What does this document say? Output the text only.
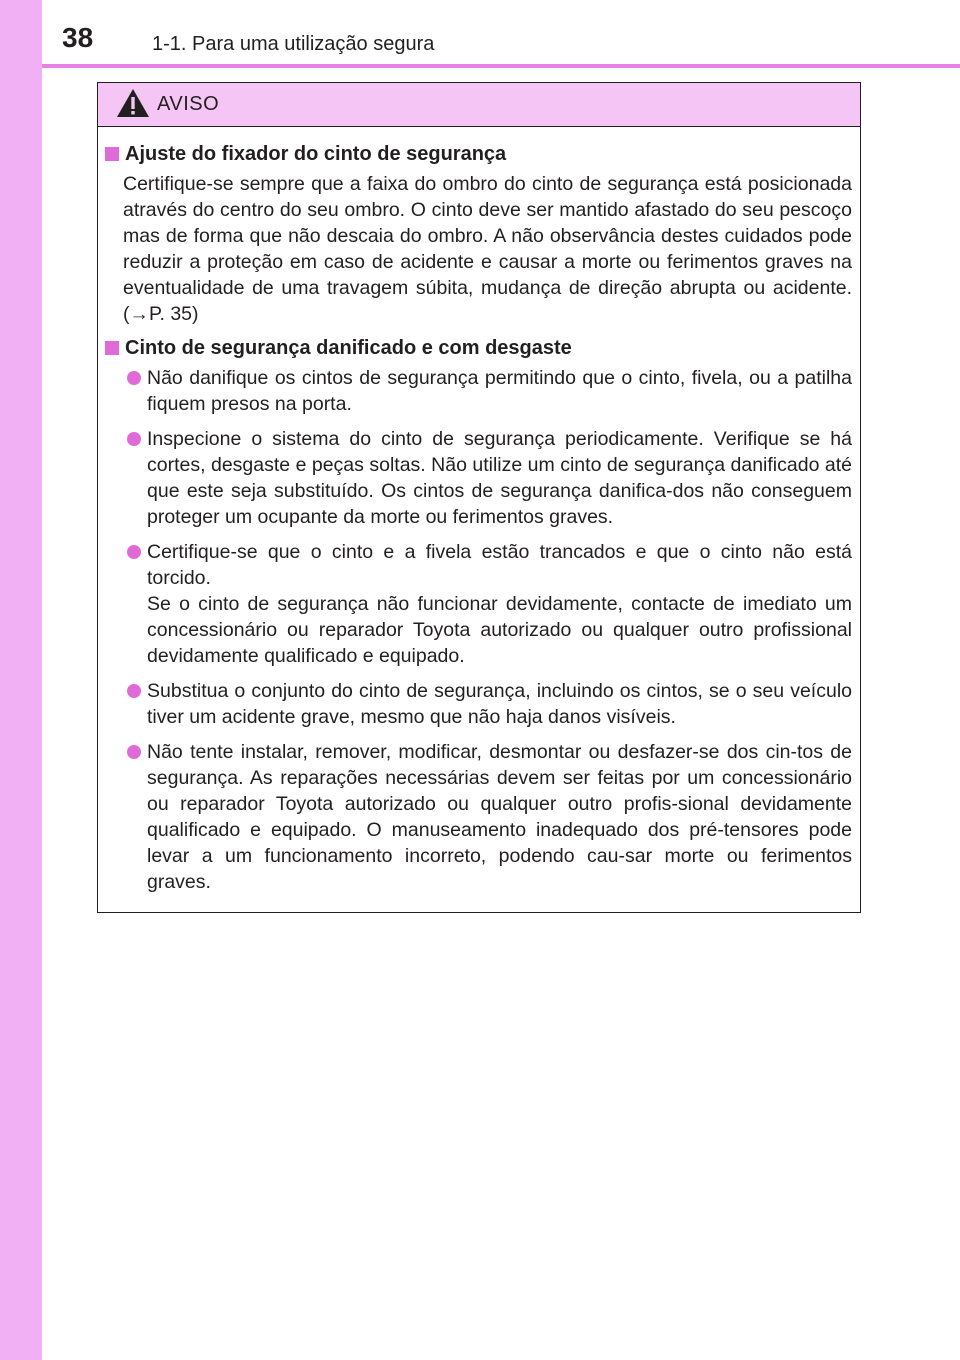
38	1-1. Para uma utilização segura
AVISO
Ajuste do fixador do cinto de segurança
Certifique-se sempre que a faixa do ombro do cinto de segurança está posicionada através do centro do seu ombro. O cinto deve ser mantido afastado do seu pescoço mas de forma que não descaia do ombro. A não observância destes cuidados pode reduzir a proteção em caso de acidente e causar a morte ou ferimentos graves na eventualidade de uma travagem súbita, mudança de direção abrupta ou acidente. (→P. 35)
Cinto de segurança danificado e com desgaste
Não danifique os cintos de segurança permitindo que o cinto, fivela, ou a patilha fiquem presos na porta.
Inspecione o sistema do cinto de segurança periodicamente. Verifique se há cortes, desgaste e peças soltas. Não utilize um cinto de segurança danificado até que este seja substituído. Os cintos de segurança danifica-dos não conseguem proteger um ocupante da morte ou ferimentos graves.
Certifique-se que o cinto e a fivela estão trancados e que o cinto não está torcido.
Se o cinto de segurança não funcionar devidamente, contacte de imediato um concessionário ou reparador Toyota autorizado ou qualquer outro profissional devidamente qualificado e equipado.
Substitua o conjunto do cinto de segurança, incluindo os cintos, se o seu veículo tiver um acidente grave, mesmo que não haja danos visíveis.
Não tente instalar, remover, modificar, desmontar ou desfazer-se dos cin-tos de segurança. As reparações necessárias devem ser feitas por um concessionário ou reparador Toyota autorizado ou qualquer outro profis-sional devidamente qualificado e equipado. O manuseamento inadequado dos pré-tensores pode levar a um funcionamento incorreto, podendo cau-sar morte ou ferimentos graves.
